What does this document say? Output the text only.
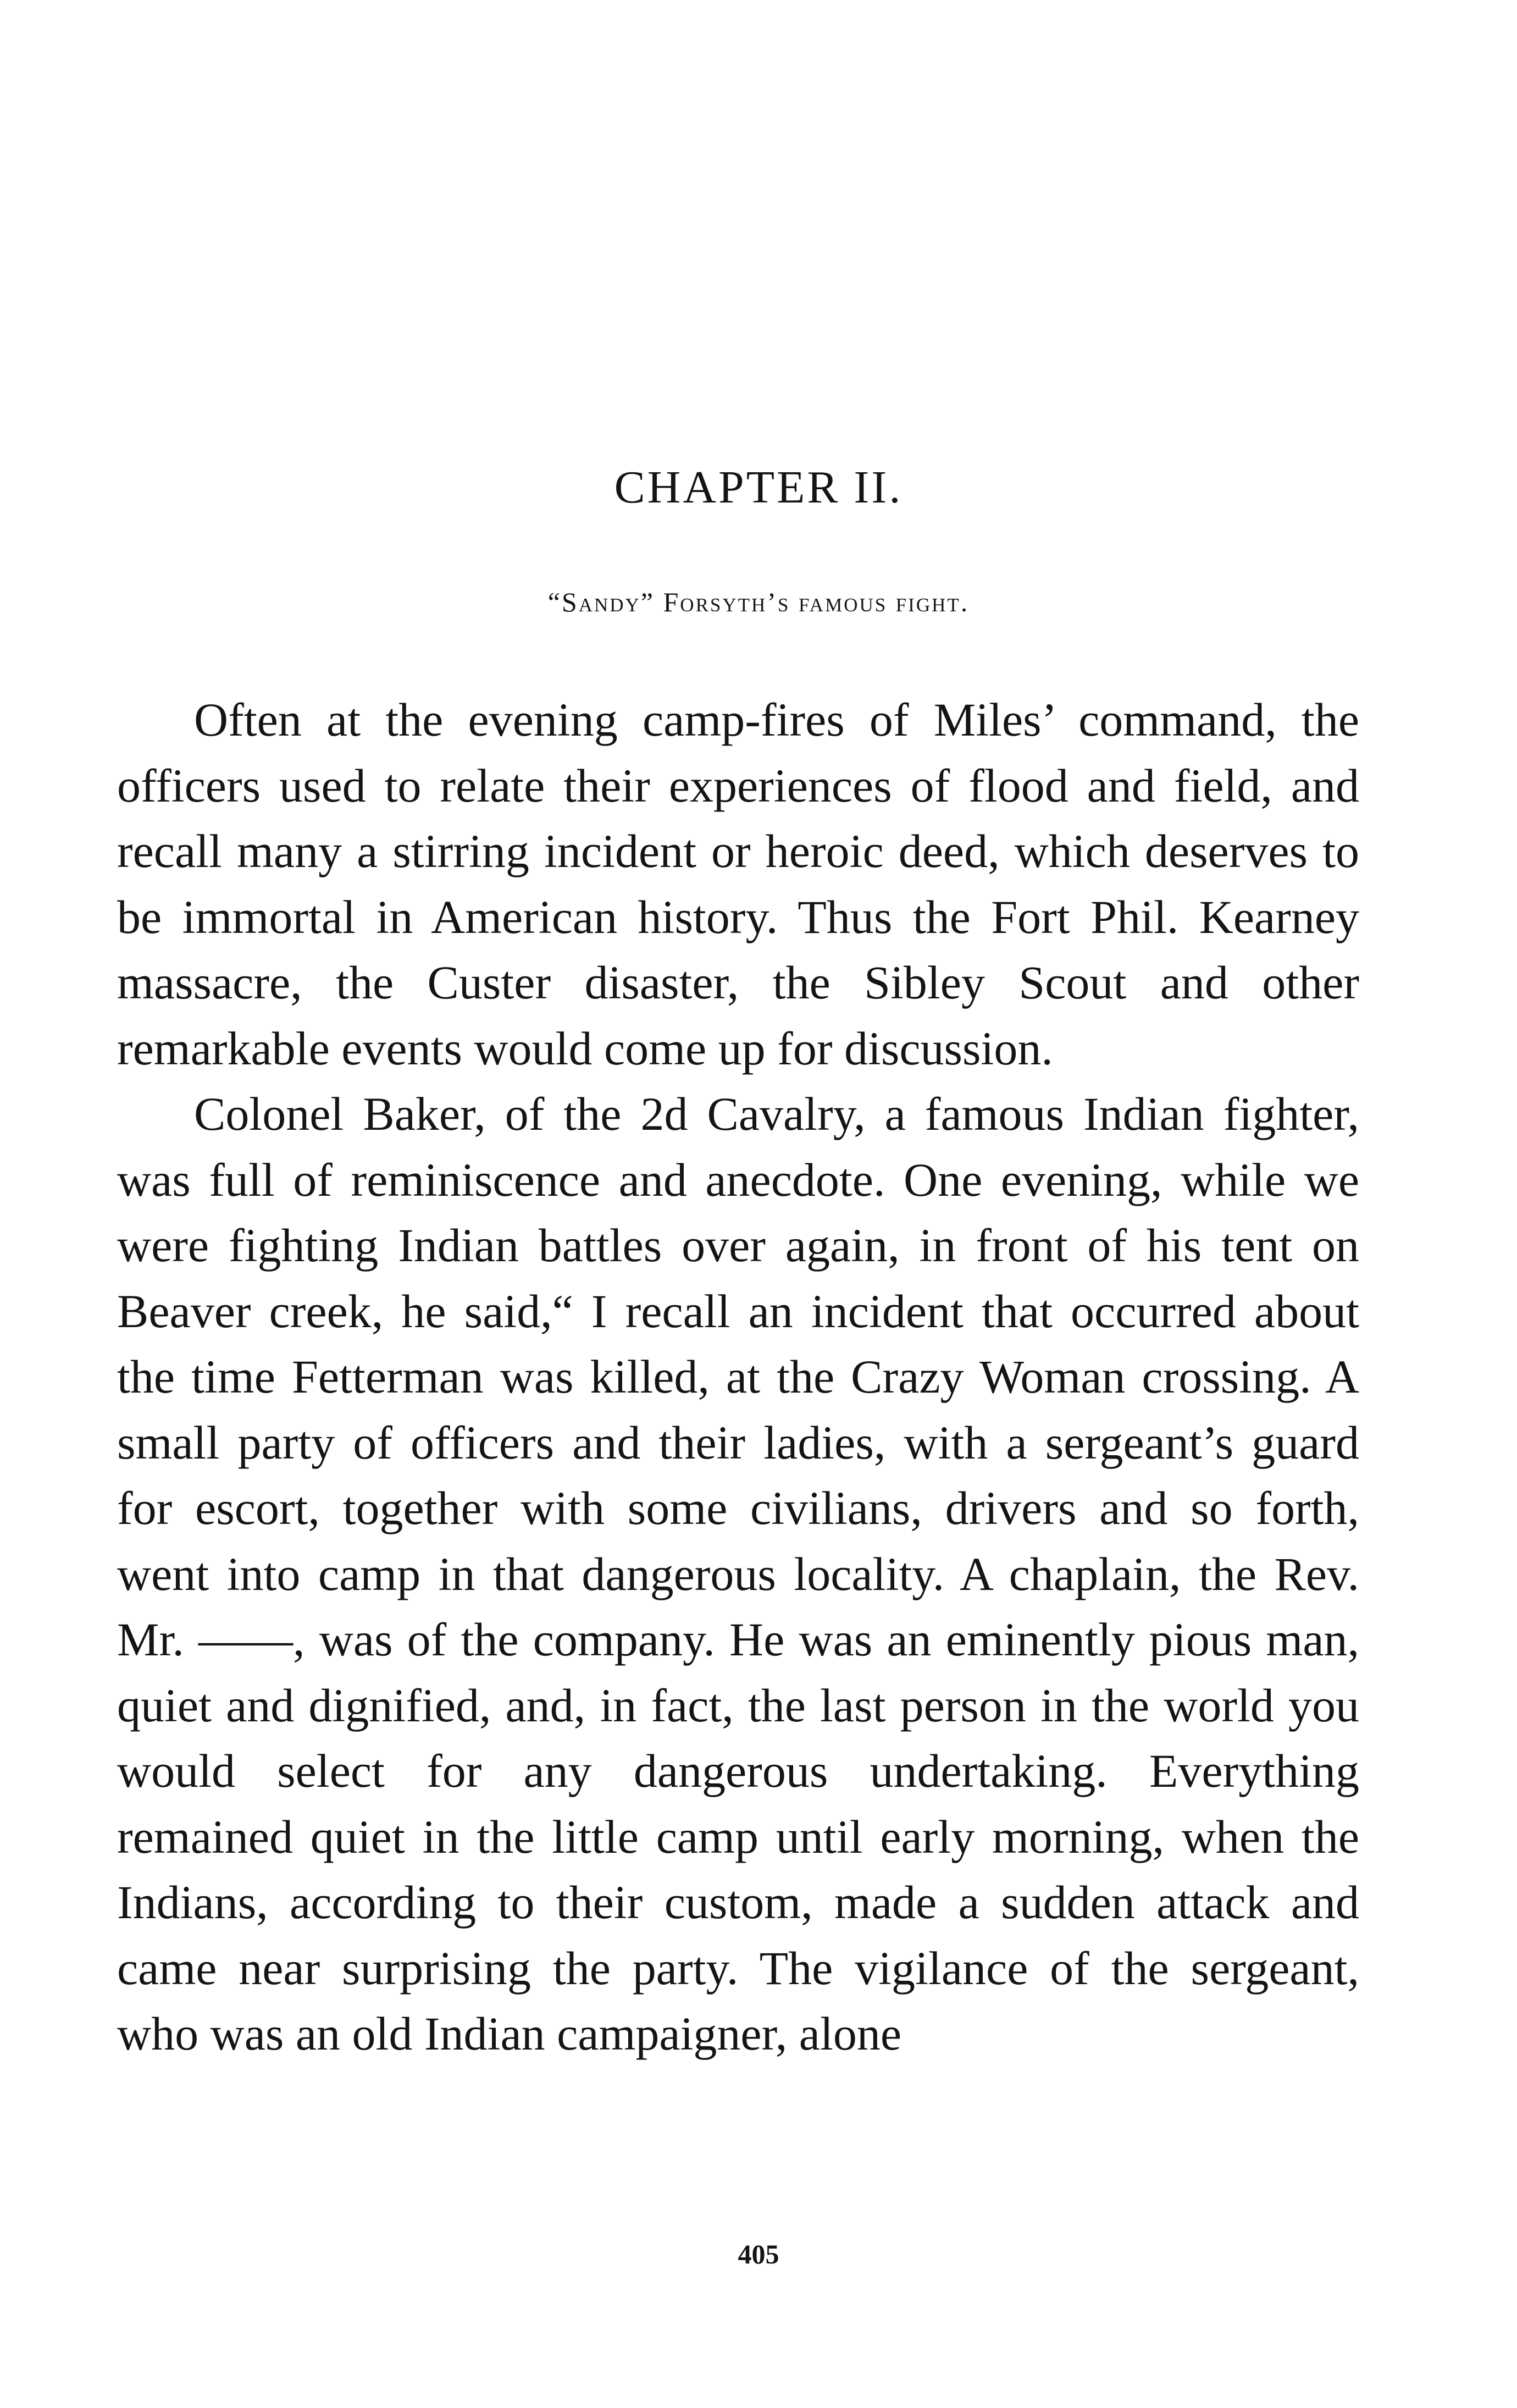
CHAPTER II.
“Sandy” Forsyth’s famous fight.

Often at the evening camp-fires of Miles’ command, the officers used to relate their experiences of flood and field, and recall many a stirring incident or heroic deed, which deserves to be immortal in American history. Thus the Fort Phil. Kearney massacre, the Custer disaster, the Sibley Scout and other remarkable events would come up for discussion.

Colonel Baker, of the 2d Cavalry, a famous Indian fighter, was full of reminiscence and anecdote. One evening, while we were fighting Indian battles over again, in front of his tent on Beaver creek, he said,“ I recall an incident that occurred about the time Fetterman was killed, at the Crazy Woman crossing. A small party of officers and their ladies, with a sergeant’s guard for escort, together with some civilians, drivers and so forth, went into camp in that dangerous locality. A chaplain, the Rev. Mr. ——, was of the company. He was an eminently pious man, quiet and dignified, and, in fact, the last person in the world you would select for any dangerous undertaking. Everything remained quiet in the little camp until early morning, when the Indians, according to their custom, made a sudden attack and came near surprising the party. The vigilance of the sergeant, who was an old Indian campaigner, alone

405
